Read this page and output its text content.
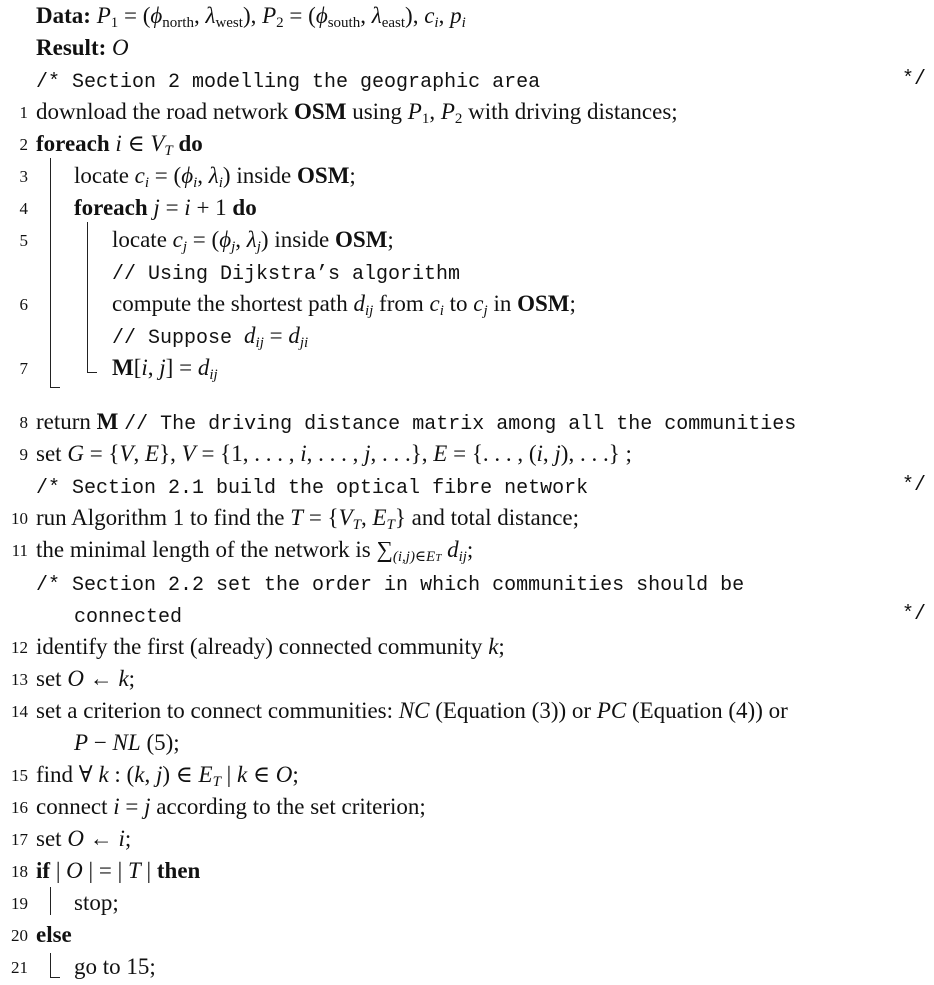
Data: $P_1 = (\phi_{north}$, $\lambda_{west}$), $P_2 = (\phi_{south}$, $\lambda_{east}$), $c_i$, $p_i$
Result: O
/* Section 2 modelling the geographic area	*/
1 download the road network OSM using $P_1$, $P_2$ with driving distances;
2 foreach i ∈ $V_T$ do
3 locate $c_i = (\phi_i$, $\lambda_i$) inside OSM;
4 foreach j = i + 1 do
5	locate $c_j = (\phi_j$, $\lambda_j$) inside OSM;
// Using Dijkstra’s algorithm
6	compute the shortest path $d_{ij}$ from $c_i$ to $c_j$ in OSM;
// Suppose $d_{ij} = d_{ji}$
7	M[i, $j] = d_{ij}$
8 return M // The driving distance matrix among all the communities
9 set G = {V, E}, V = {1, . . . , i, . . . , j, . . .}, E = {. . . , (i, j), . . .} ;
/* Section 2.1 build the optical fibre network	*/
10 run Algorithm 1 to find the $T = \{V_T$, $E_T$} and total distance;
11 the minimal length of the network is $\sum_{(i,j)\in ET}$ $d_{ij}$;
/* Section 2.2 set the order in which communities should be
connected	*/
12 identify the first (already) connected community k;
13 set O ← k;
14 set a criterion to connect communities: NC (Equation (3)) or PC (Equation (4)) or
P − NL (5);
15 find ∀ k : (k, j) ∈ $E_T$ | k ∈ O;
16 connect i = j according to the set criterion;
17 set O ← i;
18 if | O | = | T | then
19 stop;
20 else
21 go to 15;
